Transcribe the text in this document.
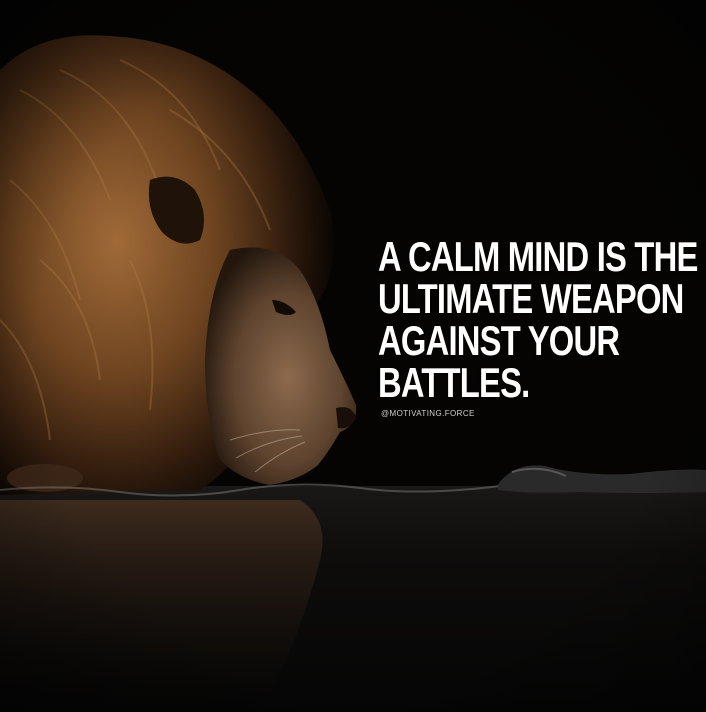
A CALM MIND IS THE
ULTIMATE WEAPON
AGAINST YOUR
BATTLES.
@MOTIVATING.FORCE
